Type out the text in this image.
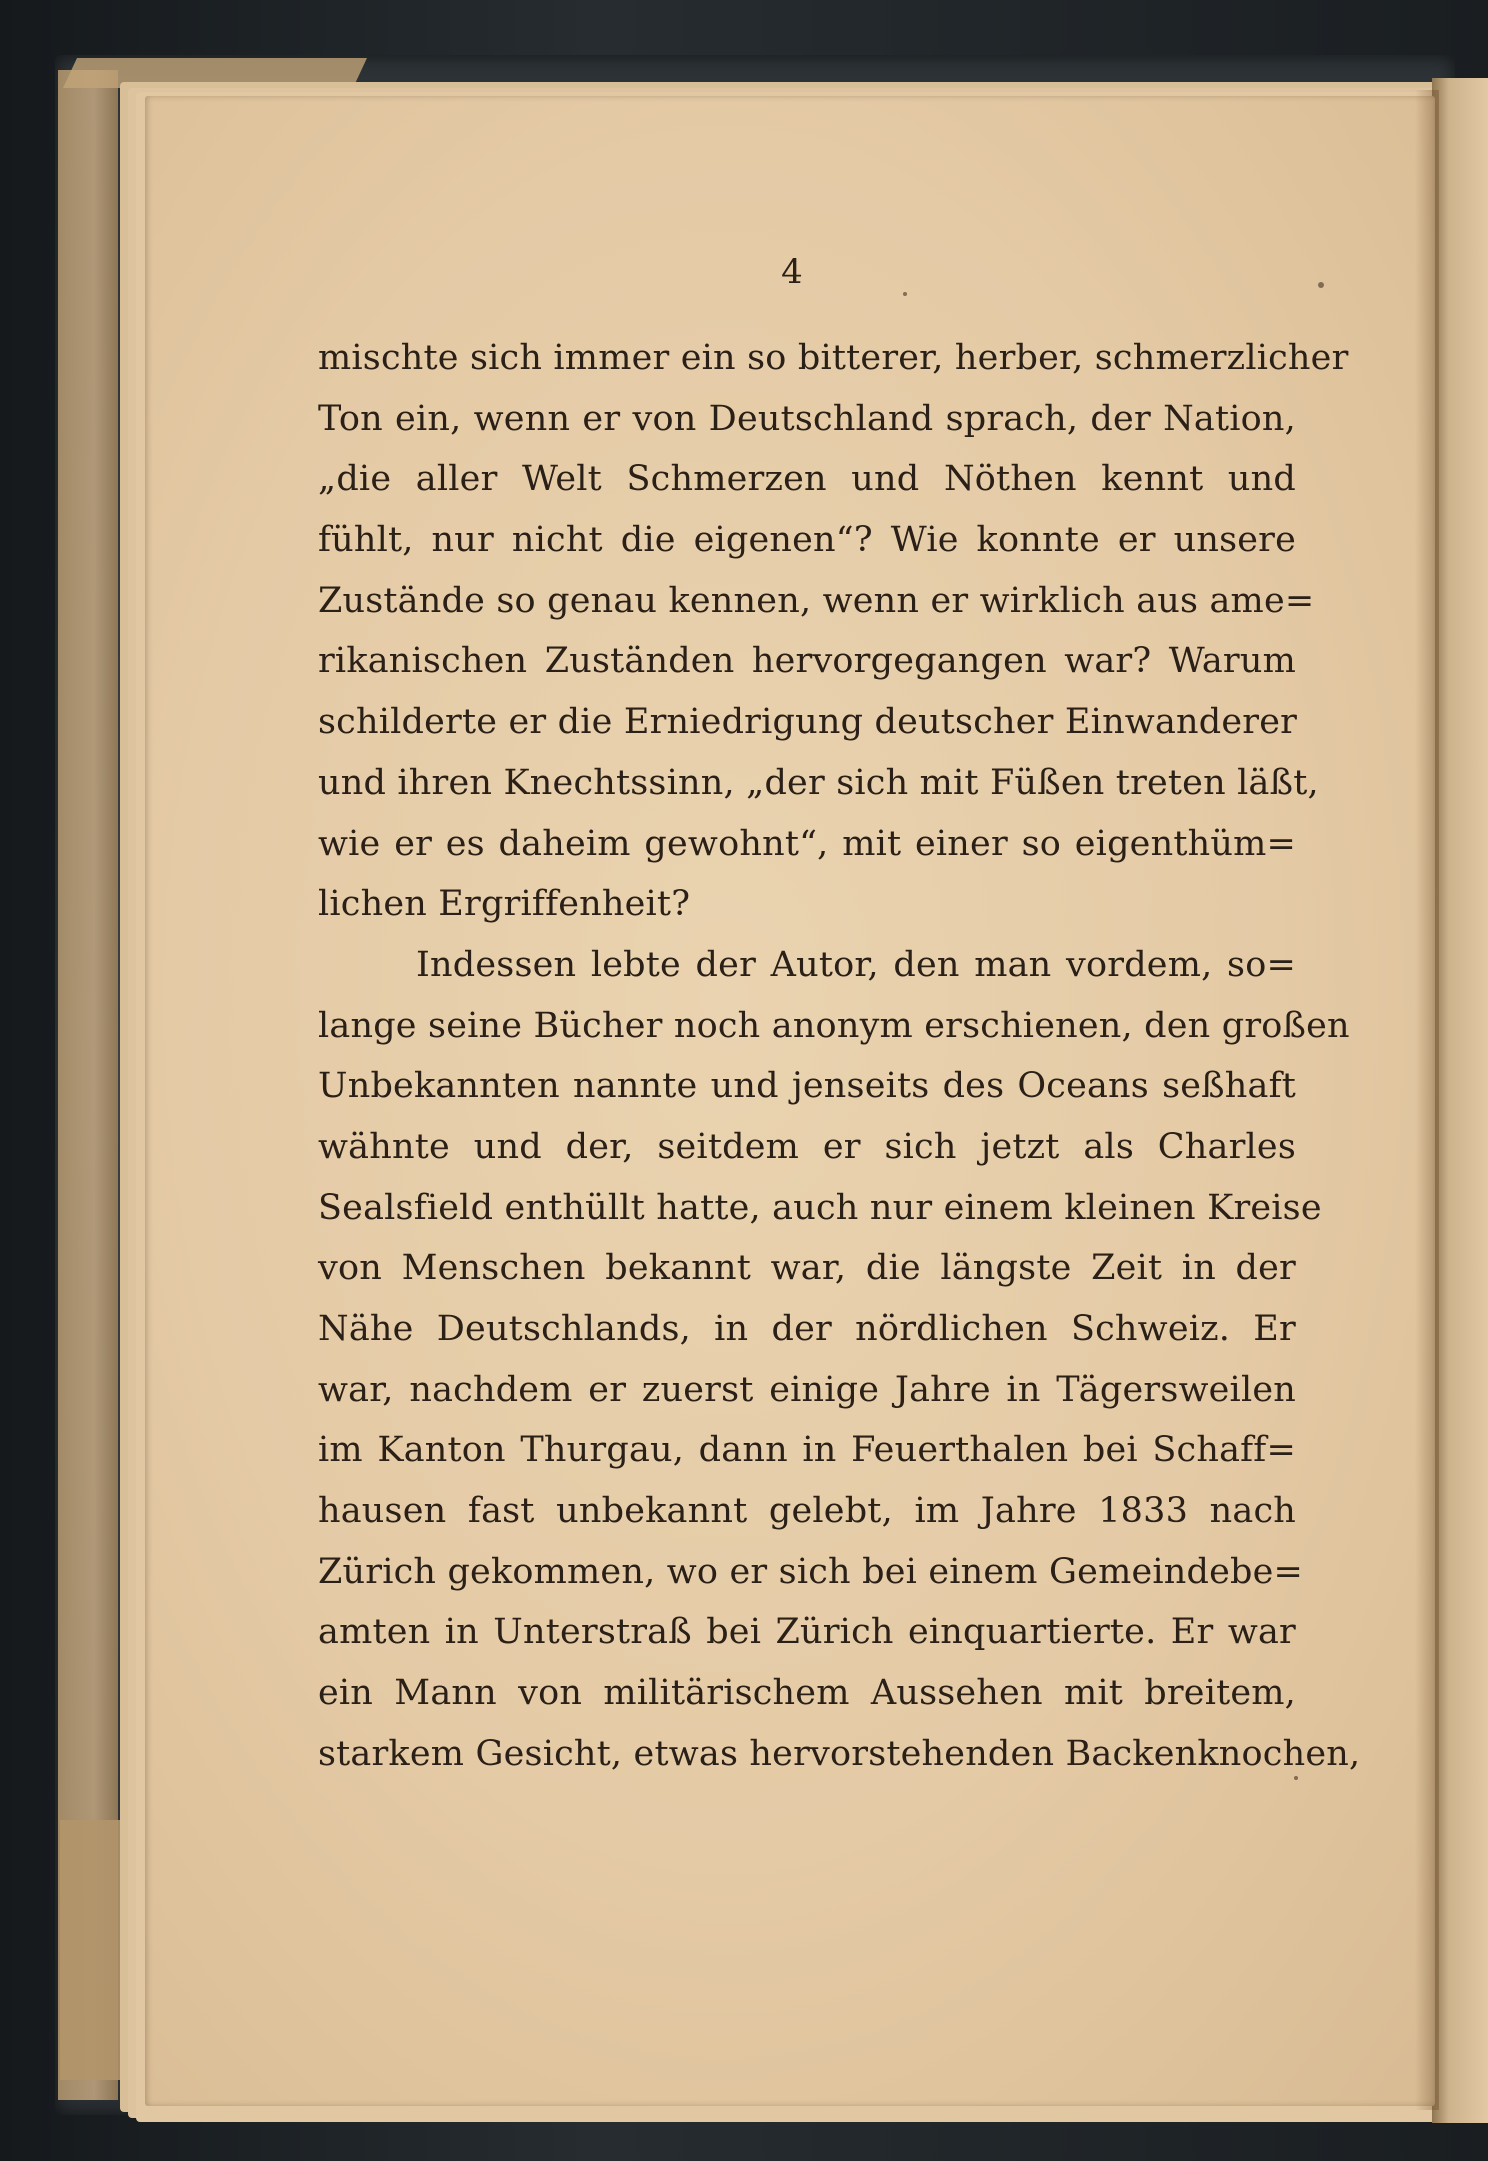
4
mischte sich immer ein so bitterer, herber, schmerzlicher
Ton ein, wenn er von Deutschland sprach, der Nation,
„die aller Welt Schmerzen und Nöthen kennt und
fühlt, nur nicht die eigenen“? Wie konnte er unsere
Zustände so genau kennen, wenn er wirklich aus ame=
rikanischen Zuständen hervorgegangen war? Warum
schilderte er die Erniedrigung deutscher Einwanderer
und ihren Knechtssinn, „der sich mit Füßen treten läßt,
wie er es daheim gewohnt“, mit einer so eigenthüm=
lichen Ergriffenheit?
Indessen lebte der Autor, den man vordem, so=
lange seine Bücher noch anonym erschienen, den großen
Unbekannten nannte und jenseits des Oceans seßhaft
wähnte und der, seitdem er sich jetzt als Charles
Sealsfield enthüllt hatte, auch nur einem kleinen Kreise
von Menschen bekannt war, die längste Zeit in der
Nähe Deutschlands, in der nördlichen Schweiz. Er
war, nachdem er zuerst einige Jahre in Tägersweilen
im Kanton Thurgau, dann in Feuerthalen bei Schaff=
hausen fast unbekannt gelebt, im Jahre 1833 nach
Zürich gekommen, wo er sich bei einem Gemeindebe=
amten in Unterstraß bei Zürich einquartierte. Er war
ein Mann von militärischem Aussehen mit breitem,
starkem Gesicht, etwas hervorstehenden Backenknochen,
